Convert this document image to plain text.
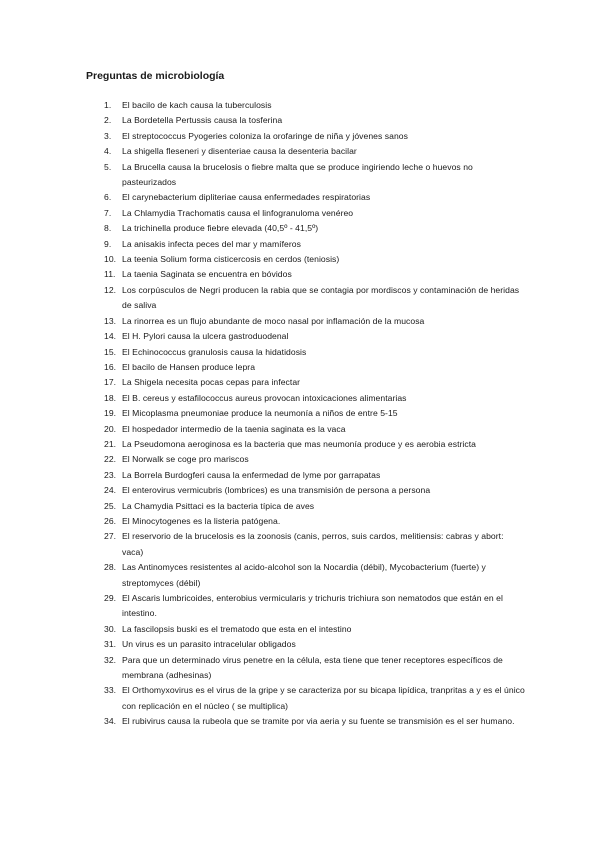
Preguntas de microbiología
1. El bacilo de kach causa la tuberculosis
2. La Bordetella Pertussis causa la tosferina
3. El streptococcus Pyogeries coloniza la orofaringe de niña y jóvenes sanos
4. La shigella fleseneri y disenteriae causa la desenteria bacilar
5. La Brucella causa la brucelosis o fiebre malta que se produce ingiriendo leche o huevos no pasteurizados
6. El carynebacterium dipliteriae causa enfermedades respiratorias
7. La Chlamydia Trachomatis causa el linfogranuloma venéreo
8. La trichinella produce fiebre elevada (40,5º - 41,5º)
9. La anisakis infecta peces del mar y mamíferos
10. La teenia Solium forma cisticercosis en cerdos (teniosis)
11. La taenia Saginata se encuentra en bóvidos
12. Los corpúsculos de Negri producen la rabia que se contagia por mordiscos y contaminación de heridas de saliva
13. La rinorrea es un flujo abundante de moco nasal por inflamación de la mucosa
14. El H. Pylori causa la ulcera gastroduodenal
15. El Echinococcus granulosis causa la hidatidosis
16. El bacilo de Hansen produce lepra
17. La Shigela necesita pocas cepas para infectar
18. El B. cereus y estafilococcus aureus provocan intoxicaciones alimentarias
19. El Micoplasma pneumoniae produce la neumonía a niños de entre 5-15
20. El hospedador intermedio de la taenia saginata es la vaca
21. La Pseudomona aeroginosa es la bacteria que mas neumonía produce y es aerobia estricta
22. El Norwalk se coge pro mariscos
23. La Borrela Burdogferi causa la enfermedad de lyme por garrapatas
24. El enterovirus vermicubris (lombrices) es una transmisión de persona a persona
25. La Chamydia Psittaci es la bacteria típica de aves
26. El Minocytogenes es la listeria patógena.
27. El reservorio de la brucelosis es la zoonosis (canis, perros, suis cardos, melitiensis: cabras y abort: vaca)
28. Las Antinomyces resistentes al acido-alcohol son la Nocardia (débil), Mycobacterium (fuerte) y streptomyces (débil)
29. El Ascaris lumbricoides, enterobius vermicularis y trichuris trichiura son nematodos que están en el intestino.
30. La fascilopsis buski es el trematodo que esta en el intestino
31. Un virus es un parasito intracelular obligados
32. Para que un determinado virus penetre en la célula, esta tiene que tener receptores específicos de membrana (adhesinas)
33. El Orthomyxovirus es el virus de la gripe y se caracteriza por su bicapa lipídica, tranpritas a y es el único con replicación en el núcleo ( se multiplica)
34. El rubivirus causa la rubeola que se tramite por via aeria y su fuente se transmisión es el ser humano.
